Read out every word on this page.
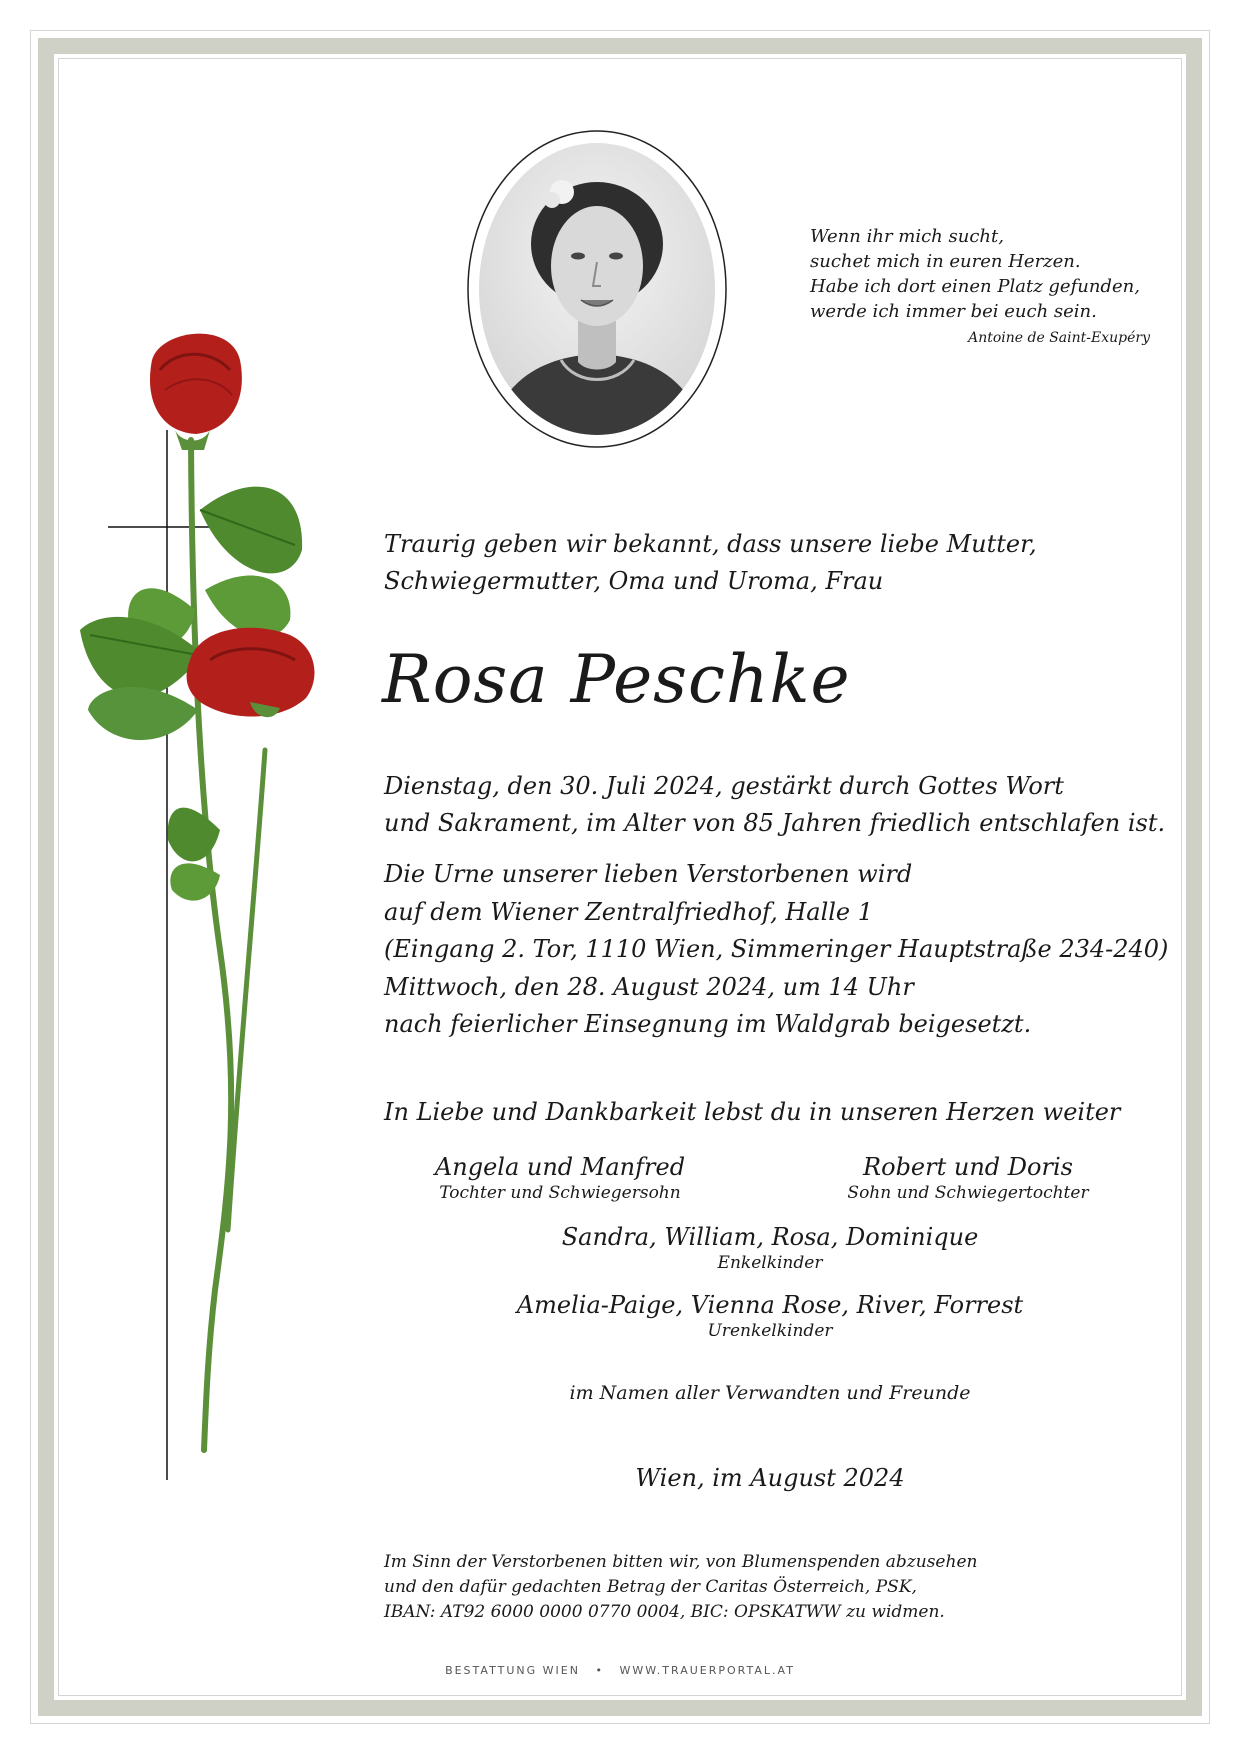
Wenn ihr mich sucht,
suchet mich in euren Herzen.
Habe ich dort einen Platz gefunden,
werde ich immer bei euch sein.
Antoine de Saint-Exupéry
Traurig geben wir bekannt, dass unsere liebe Mutter,
Schwiegermutter, Oma und Uroma, Frau
Rosa Peschke
Dienstag, den 30. Juli 2024, gestärkt durch Gottes Wort
und Sakrament, im Alter von 85 Jahren friedlich entschlafen ist.
Die Urne unserer lieben Verstorbenen wird
auf dem Wiener Zentralfriedhof, Halle 1
(Eingang 2. Tor, 1110 Wien, Simmeringer Hauptstraße 234-240)
Mittwoch, den 28. August 2024, um 14 Uhr
nach feierlicher Einsegnung im Waldgrab beigesetzt.
In Liebe und Dankbarkeit lebst du in unseren Herzen weiter
Angela und Manfred
Tochter und Schwiegersohn
Robert und Doris
Sohn und Schwiegertochter
Sandra, William, Rosa, Dominique
Enkelkinder
Amelia-Paige, Vienna Rose, River, Forrest
Urenkelkinder
im Namen aller Verwandten und Freunde
Wien, im August 2024
Im Sinn der Verstorbenen bitten wir, von Blumenspenden abzusehen
und den dafür gedachten Betrag der Caritas Österreich, PSK,
IBAN: AT92 6000 0000 0770 0004, BIC: OPSKATWW zu widmen.
BESTATTUNG WIEN • WWW.TRAUERPORTAL.AT
